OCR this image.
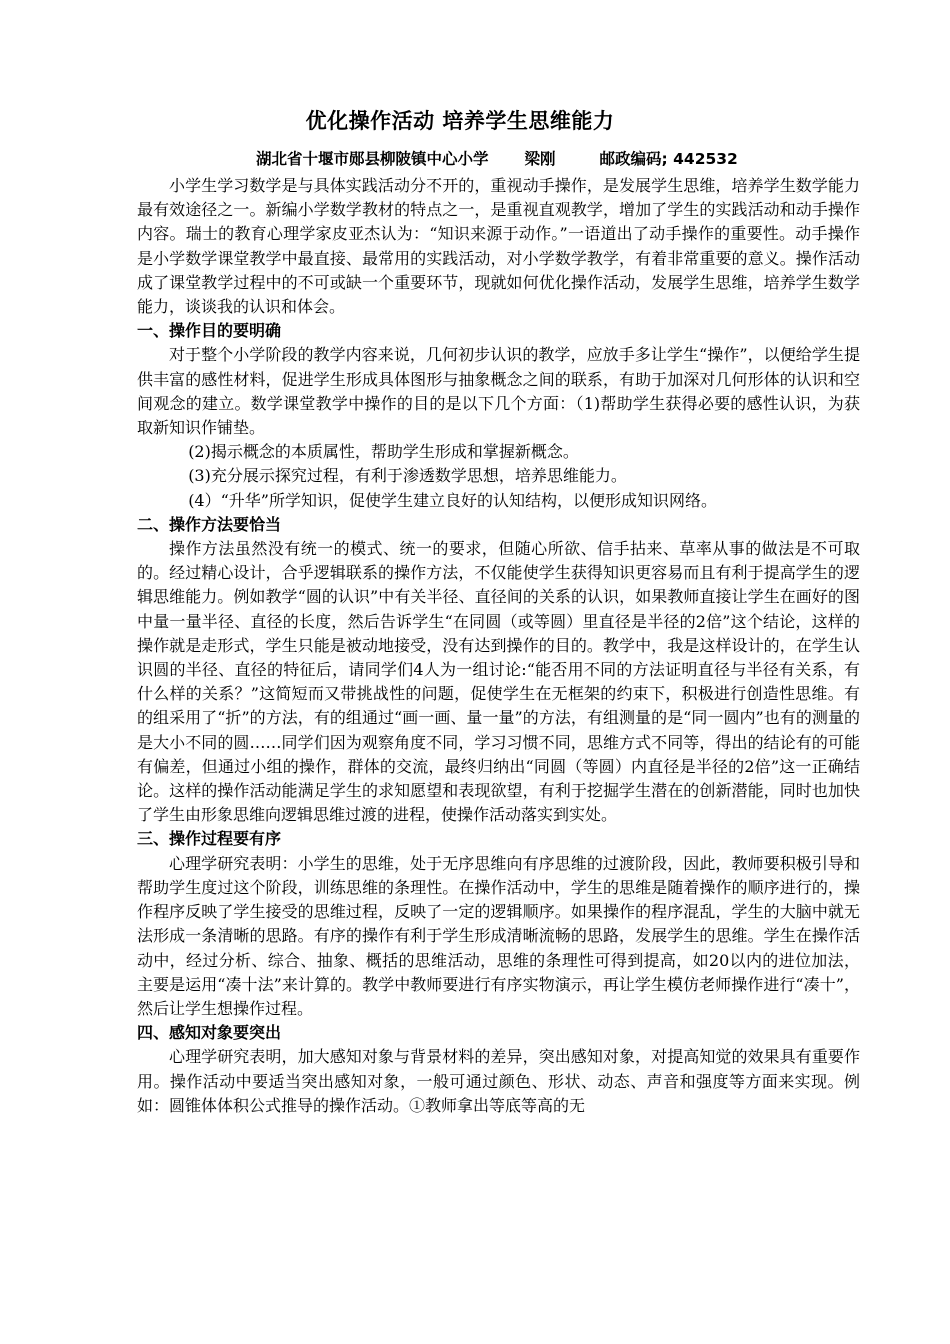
优化操作活动 培养学生思维能力
湖北省十堰市郧县柳陂镇中心小学 梁刚	邮政编码; 442532

小学生学习数学是与具体实践活动分不开的，重视动手操作，是发展学生思维，培养学生数学能力最有效途径之一。新编小学数学教材的特点之一，是重视直观教学，增加了学生的实践活动和动手操作内容。瑞士的教育心理学家皮亚杰认为：“知识来源于动作。”一语道出了动手操作的重要性。动手操作是小学数学课堂教学中最直接、最常用的实践活动，对小学数学教学，有着非常重要的意义。操作活动成了课堂教学过程中的不可或缺一个重要环节，现就如何优化操作活动，发展学生思维，培养学生数学能力，谈谈我的认识和体会。

一、操作目的要明确

对于整个小学阶段的教学内容来说，几何初步认识的教学，应放手多让学生“操作”，以便给学生提供丰富的感性材料，促进学生形成具体图形与抽象概念之间的联系，有助于加深对几何形体的认识和空间观念的建立。数学课堂教学中操作的目的是以下几个方面：（1)帮助学生获得必要的感性认识，为获取新知识作铺垫。

(2)揭示概念的本质属性，帮助学生形成和掌握新概念。

(3)充分展示探究过程，有利于渗透数学思想，培养思维能力。

(4）“升华”所学知识，促使学生建立良好的认知结构，以便形成知识网络。

二、操作方法要恰当

操作方法虽然没有统一的模式、统一的要求，但随心所欲、信手拈来、草率从事的做法是不可取的。经过精心设计，合乎逻辑联系的操作方法，不仅能使学生获得知识更容易而且有利于提高学生的逻辑思维能力。例如教学“圆的认识”中有关半径、直径间的关系的认识，如果教师直接让学生在画好的图中量一量半径、直径的长度，然后告诉学生“在同圆（或等圆）里直径是半径的2倍”这个结论，这样的操作就是走形式，学生只能是被动地接受，没有达到操作的目的。教学中，我是这样设计的，在学生认识圆的半径、直径的特征后，请同学们4人为一组讨论:“能否用不同的方法证明直径与半径有关系，有什么样的关系？”这简短而又带挑战性的问题，促使学生在无框架的约束下，积极进行创造性思维。有的组采用了“折”的方法，有的组通过“画一画、量一量”的方法，有组测量的是“同一圆内”也有的测量的是大小不同的圆……同学们因为观察角度不同，学习习惯不同，思维方式不同等，得出的结论有的可能有偏差，但通过小组的操作，群体的交流，最终归纳出“同圆（等圆）内直径是半径的2倍”这一正确结论。这样的操作活动能满足学生的求知愿望和表现欲望，有利于挖掘学生潜在的创新潜能，同时也加快了学生由形象思维向逻辑思维过渡的进程，使操作活动落实到实处。

三、操作过程要有序

心理学研究表明：小学生的思维，处于无序思维向有序思维的过渡阶段，因此，教师要积极引导和帮助学生度过这个阶段，训练思维的条理性。在操作活动中，学生的思维是随着操作的顺序进行的，操作程序反映了学生接受的思维过程，反映了一定的逻辑顺序。如果操作的程序混乱，学生的大脑中就无法形成一条清晰的思路。有序的操作有利于学生形成清晰流畅的思路，发展学生的思维。学生在操作活动中，经过分析、综合、抽象、概括的思维活动，思维的条理性可得到提高，如20以内的进位加法，主要是运用“凑十法”来计算的。教学中教师要进行有序实物演示，再让学生模仿老师操作进行“凑十”，然后让学生想操作过程。

四、感知对象要突出

心理学研究表明，加大感知对象与背景材料的差异，突出感知对象，对提高知觉的效果具有重要作用。操作活动中要适当突出感知对象，一般可通过颜色、形状、动态、声音和强度等方面来实现。例如：圆锥体体积公式推导的操作活动。①教师拿出等底等高的无
